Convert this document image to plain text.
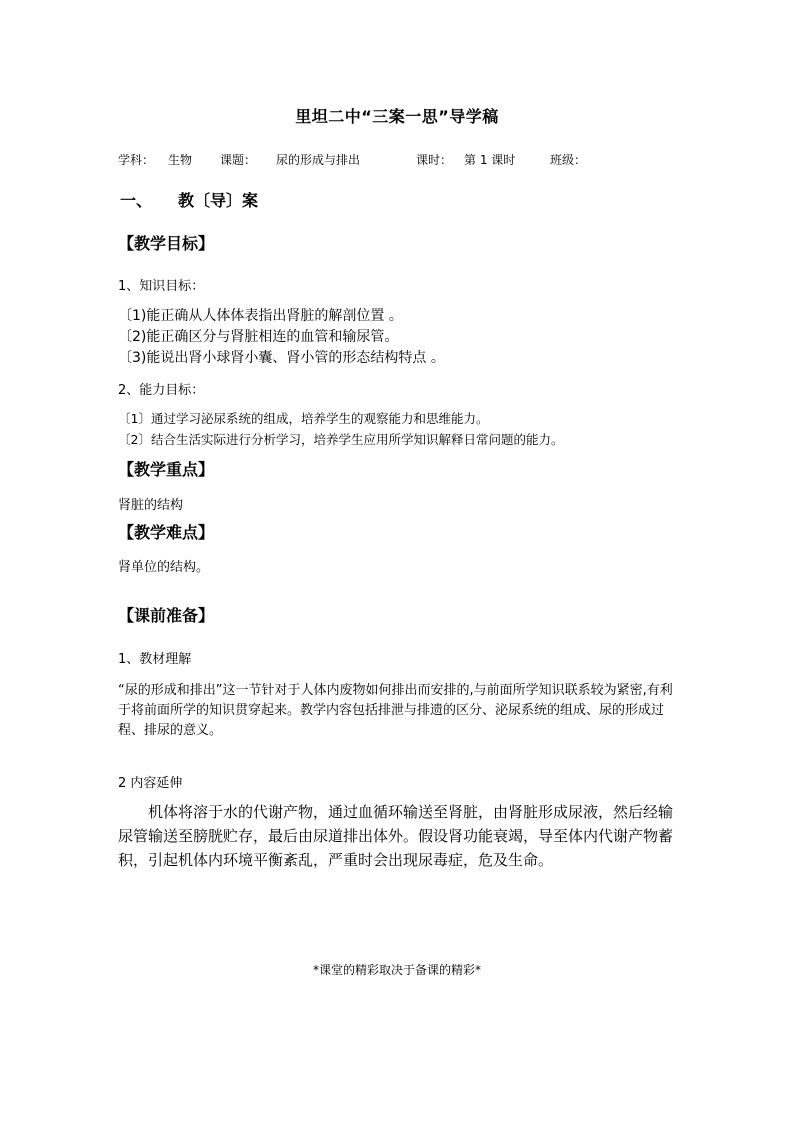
里坦二中“三案一思”导学稿
学科： 生物 课题： 尿的形成与排出	课时： 第 1 课时	班级：
一、 教〔导〕案
【教学目标】
1、知识目标：
〔1)能正确从人体体表指出肾脏的解剖位置 。
〔2)能正确区分与肾脏相连的血管和输尿管。
〔3)能说出肾小球肾小囊、肾小管的形态结构特点 。
2、能力目标：
〔1〕通过学习泌尿系统的组成，培养学生的观察能力和思维能力。
〔2〕结合生活实际进行分析学习，培养学生应用所学知识解释日常问题的能力。
【教学重点】
肾脏的结构
【教学难点】
肾单位的结构。
【课前准备】
1、教材理解
“尿的形成和排出”这一节针对于人体内废物如何排出而安排的,与前面所学知识联系较为紧密,有利于将前面所学的知识贯穿起来。教学内容包括排泄与排遗的区分、泌尿系统的组成、尿的形成过程、排尿的意义。
2 内容延伸
机体将溶于水的代谢产物，通过血循环输送至肾脏，由肾脏形成尿液，然后经输尿管输送至膀胱贮存，最后由尿道排出体外。假设肾功能衰竭，导至体内代谢产物蓄积，引起机体内环境平衡紊乱，严重时会出现尿毒症，危及生命。
*课堂的精彩取决于备课的精彩*
